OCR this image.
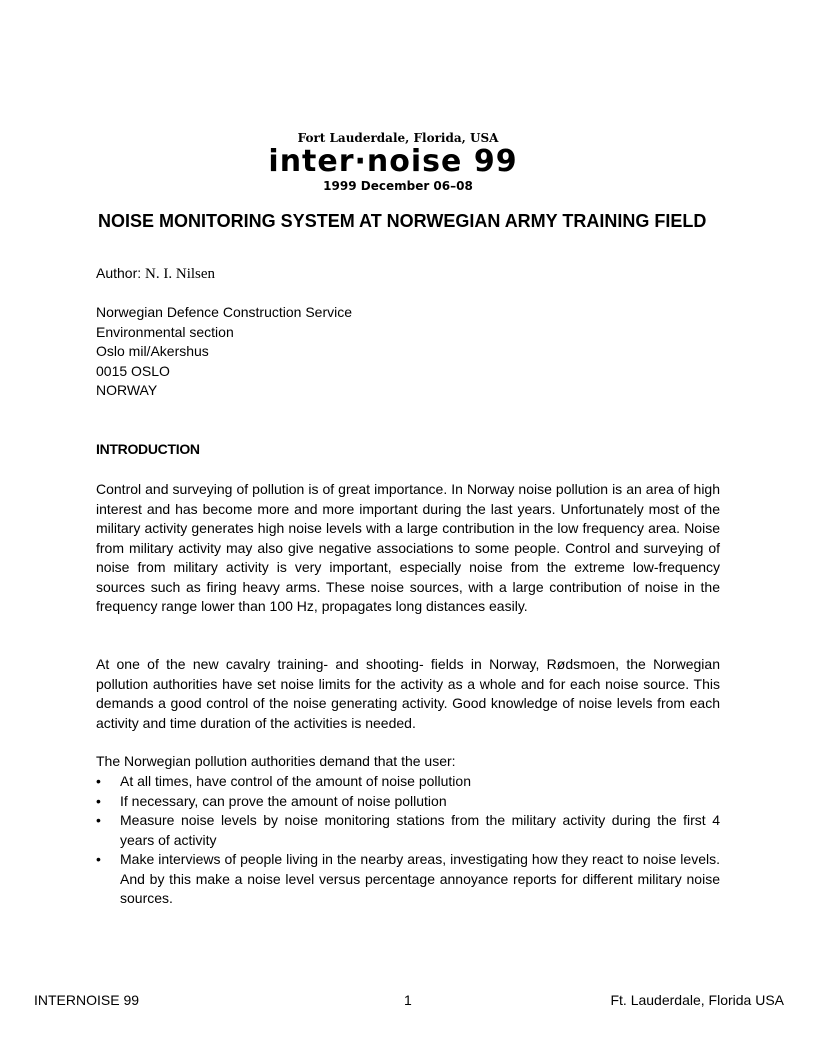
Fort Lauderdale, Florida, USA
inter·noise 99
1999 December 06–08
NOISE MONITORING SYSTEM AT NORWEGIAN ARMY TRAINING FIELD
Author: N. I. Nilsen
Norwegian Defence Construction Service
Environmental section
Oslo mil/Akershus
0015 OSLO
NORWAY
INTRODUCTION

Control and surveying of pollution is of great importance. In Norway noise pollution is an area of high interest and has become more and more important during the last years. Unfortunately most of the military activity generates high noise levels with a large contribution in the low frequency area. Noise from military activity may also give negative associations to some people. Control and surveying of noise from military activity is very important, especially noise from the extreme low-frequency sources such as firing heavy arms. These noise sources, with a large contribution of noise in the frequency range lower than 100 Hz, propagates long distances easily.

At one of the new cavalry training- and shooting- fields in Norway, Rødsmoen, the Norwegian pollution authorities have set noise limits for the activity as a whole and for each noise source. This demands a good control of the noise generating activity. Good knowledge of noise levels from each activity and time duration of the activities is needed.

The Norwegian pollution authorities demand that the user:

•	At all times, have control of the amount of noise pollution
•	If necessary, can prove the amount of noise pollution
•	Measure noise levels by noise monitoring stations from the military activity during the first 4 years of activity
•	Make interviews of people living in the nearby areas, investigating how they react to noise levels. And by this make a noise level versus percentage annoyance reports for different military noise sources.
INTERNOISE 99	1	Ft. Lauderdale, Florida USA
